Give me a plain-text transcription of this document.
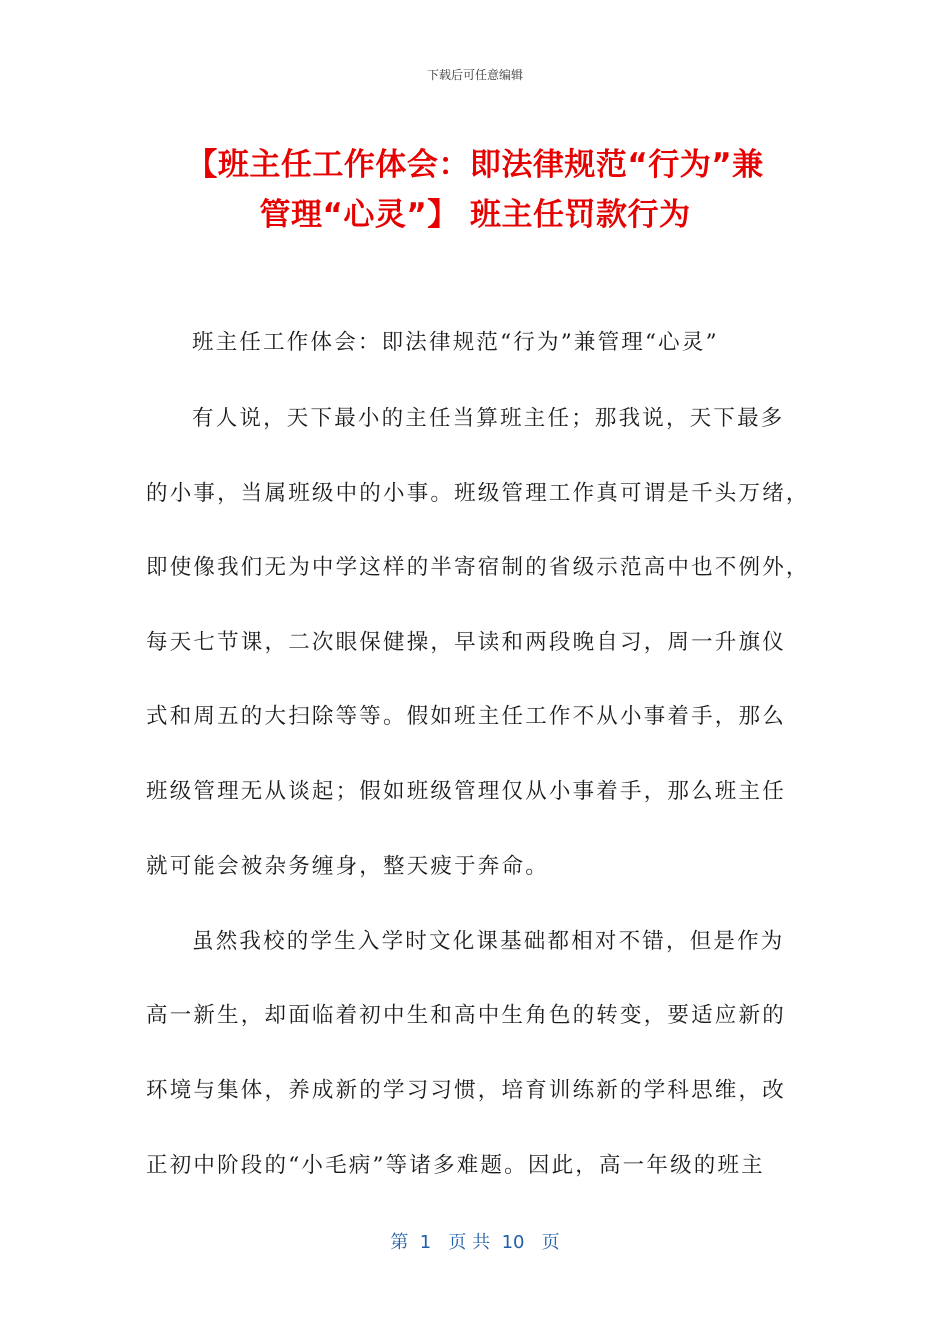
下载后可任意编辑
【班主任工作体会：即法律规范“行为”兼
管理“心灵”】 班主任罚款行为
班主任工作体会：即法律规范“行为”兼管理“心灵”
有人说，天下最小的主任当算班主任；那我说，天下最多
的小事，当属班级中的小事。班级管理工作真可谓是千头万绪，
即使像我们无为中学这样的半寄宿制的省级示范高中也不例外，
每天七节课，二次眼保健操，早读和两段晚自习，周一升旗仪
式和周五的大扫除等等。假如班主任工作不从小事着手，那么
班级管理无从谈起；假如班级管理仅从小事着手，那么班主任
就可能会被杂务缠身，整天疲于奔命。
虽然我校的学生入学时文化课基础都相对不错，但是作为
高一新生，却面临着初中生和高中生角色的转变，要适应新的
环境与集体，养成新的学习习惯，培育训练新的学科思维，改
正初中阶段的“小毛病”等诸多难题。因此，高一年级的班主
第  1   页 共  10   页
